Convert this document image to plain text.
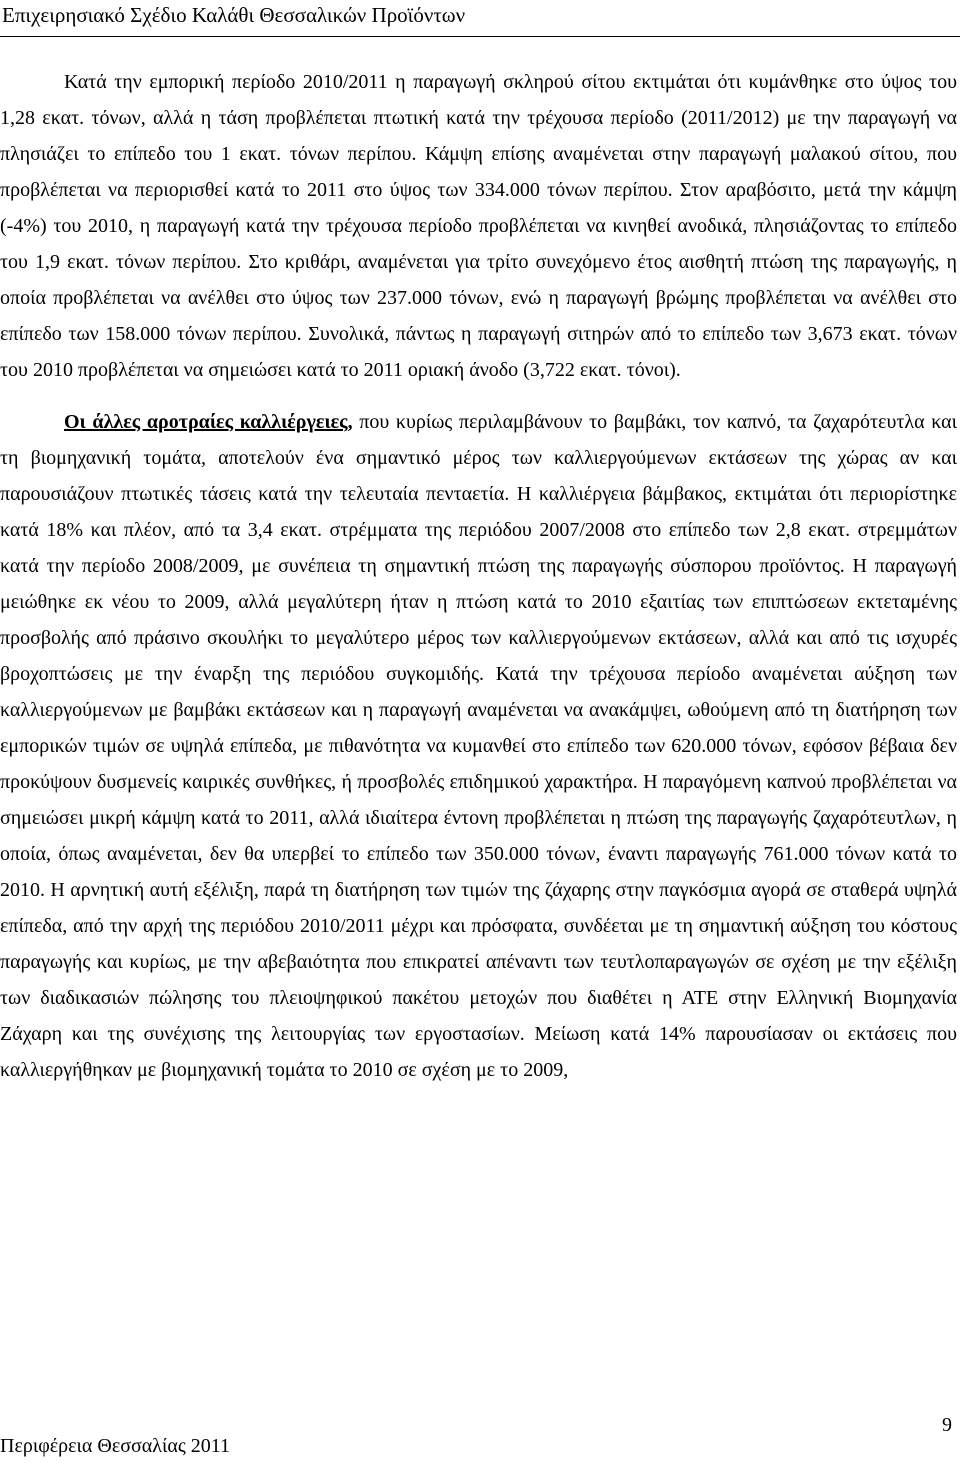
Επιχειρησιακό Σχέδιο Καλάθι Θεσσαλικών Προϊόντων

Κατά την εμπορική περίοδο 2010/2011 η παραγωγή σκληρού σίτου εκτιμάται ότι κυμάνθηκε στο ύψος του 1,28 εκατ. τόνων, αλλά η τάση προβλέπεται πτωτική κατά την τρέχουσα περίοδο (2011/2012) με την παραγωγή να πλησιάζει το επίπεδο του 1 εκατ. τόνων περίπου. Κάμψη επίσης αναμένεται στην παραγωγή μαλακού σίτου, που προβλέπεται να περιορισθεί κατά το 2011 στο ύψος των 334.000 τόνων περίπου. Στον αραβόσιτο, μετά την κάμψη (-4%) του 2010, η παραγωγή κατά την τρέχουσα περίοδο προβλέπεται να κινηθεί ανοδικά, πλησιάζοντας το επίπεδο του 1,9 εκατ. τόνων περίπου. Στο κριθάρι, αναμένεται για τρίτο συνεχόμενο έτος αισθητή πτώση της παραγωγής, η οποία προβλέπεται να ανέλθει στο ύψος των 237.000 τόνων, ενώ η παραγωγή βρώμης προβλέπεται να ανέλθει στο επίπεδο των 158.000 τόνων περίπου. Συνολικά, πάντως η παραγωγή σιτηρών από το επίπεδο των 3,673 εκατ. τόνων του 2010 προβλέπεται να σημειώσει κατά το 2011 οριακή άνοδο (3,722 εκατ. τόνοι).

Οι άλλες αροτραίες καλλιέργειες, που κυρίως περιλαμβάνουν το βαμβάκι, τον καπνό, τα ζαχαρότευτλα και τη βιομηχανική τομάτα, αποτελούν ένα σημαντικό μέρος των καλλιεργούμενων εκτάσεων της χώρας αν και παρουσιάζουν πτωτικές τάσεις κατά την τελευταία πενταετία. Η καλλιέργεια βάμβακος, εκτιμάται ότι περιορίστηκε κατά 18% και πλέον, από τα 3,4 εκατ. στρέμματα της περιόδου 2007/2008 στο επίπεδο των 2,8 εκατ. στρεμμάτων κατά την περίοδο 2008/2009, με συνέπεια τη σημαντική πτώση της παραγωγής σύσπορου προϊόντος. Η παραγωγή μειώθηκε εκ νέου το 2009, αλλά μεγαλύτερη ήταν η πτώση κατά το 2010 εξαιτίας των επιπτώσεων εκτεταμένης προσβολής από πράσινο σκουλήκι το μεγαλύτερο μέρος των καλλιεργούμενων εκτάσεων, αλλά και από τις ισχυρές βροχοπτώσεις με την έναρξη της περιόδου συγκομιδής. Κατά την τρέχουσα περίοδο αναμένεται αύξηση των καλλιεργούμενων με βαμβάκι εκτάσεων και η παραγωγή αναμένεται να ανακάμψει, ωθούμενη από τη διατήρηση των εμπορικών τιμών σε υψηλά επίπεδα, με πιθανότητα να κυμανθεί στο επίπεδο των 620.000 τόνων, εφόσον βέβαια δεν προκύψουν δυσμενείς καιρικές συνθήκες, ή προσβολές επιδημικού χαρακτήρα. Η παραγόμενη καπνού προβλέπεται να σημειώσει μικρή κάμψη κατά το 2011, αλλά ιδιαίτερα έντονη προβλέπεται η πτώση της παραγωγής ζαχαρότευτλων, η οποία, όπως αναμένεται, δεν θα υπερβεί το επίπεδο των 350.000 τόνων, έναντι παραγωγής 761.000 τόνων κατά το 2010. Η αρνητική αυτή εξέλιξη, παρά τη διατήρηση των τιμών της ζάχαρης στην παγκόσμια αγορά σε σταθερά υψηλά επίπεδα, από την αρχή της περιόδου 2010/2011 μέχρι και πρόσφατα, συνδέεται με τη σημαντική αύξηση του κόστους παραγωγής και κυρίως, με την αβεβαιότητα που επικρατεί απέναντι των τευτλοπαραγωγών σε σχέση με την εξέλιξη των διαδικασιών πώλησης του πλειοψηφικού πακέτου μετοχών που διαθέτει η ΑΤΕ στην Ελληνική Βιομηχανία Ζάχαρη και της συνέχισης της λειτουργίας των εργοστασίων. Μείωση κατά 14% παρουσίασαν οι εκτάσεις που καλλιεργήθηκαν με βιομηχανική τομάτα το 2010 σε σχέση με το 2009,

9
Περιφέρεια Θεσσαλίας 2011
